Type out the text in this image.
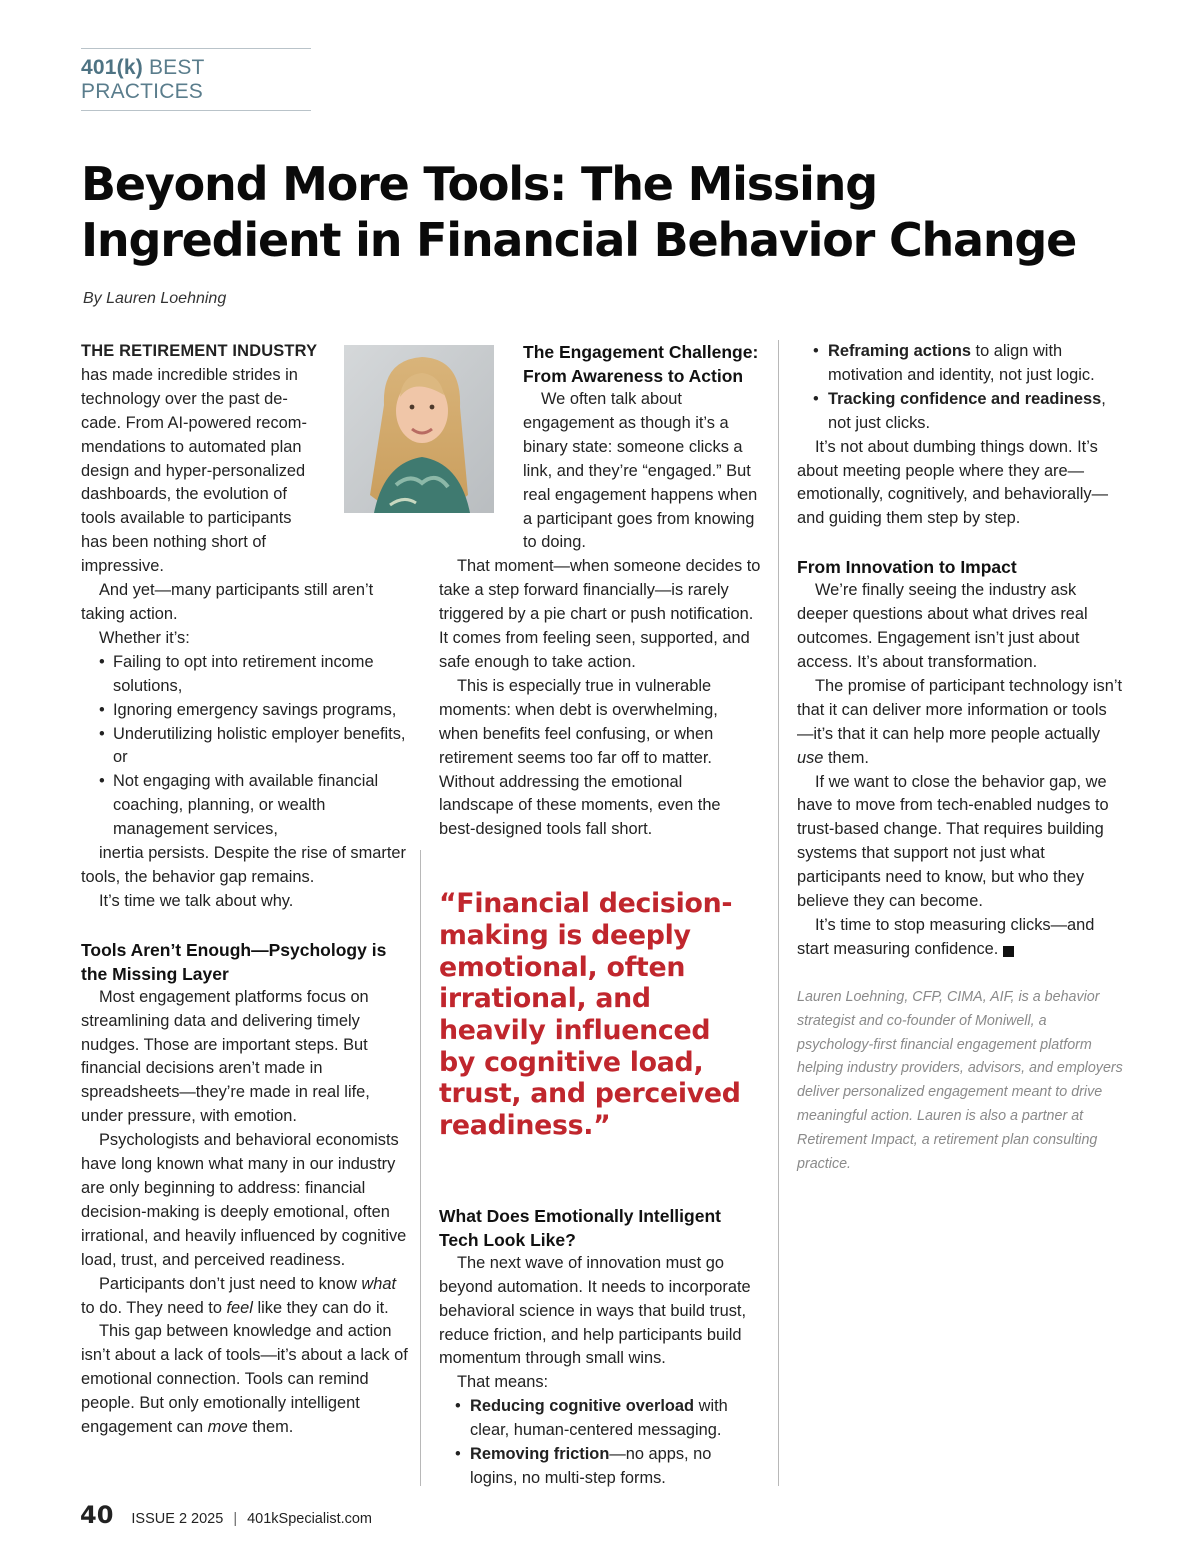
401(k) BEST PRACTICES
Beyond More Tools: The Missing Ingredient in Financial Behavior Change
By Lauren Loehning
THE RETIREMENT INDUSTRY
has made incredible strides in
technology over the past de-
cade. From AI-powered recom-
mendations to automated plan
design and hyper-personalized
dashboards, the evolution of
tools available to participants
has been nothing short of
impressive.

And yet—many participants still aren’t taking action.

Whether it’s:

• Failing to opt into retirement income solutions,
• Ignoring emergency savings programs,
• Underutilizing holistic employer benefits, or
• Not engaging with available financial coaching, planning, or wealth management services,

inertia persists. Despite the rise of smarter tools, the behavior gap remains.

It’s time we talk about why.

Tools Aren’t Enough—Psychology is the Missing Layer

Most engagement platforms focus on streamlining data and delivering timely nudges. Those are important steps. But financial decisions aren’t made in spreadsheets—they’re made in real life, under pressure, with emotion.

Psychologists and behavioral economists have long known what many in our industry are only beginning to address: financial decision-making is deeply emotional, often irrational, and heavily influenced by cognitive load, trust, and perceived readiness.

Participants don’t just need to know what to do. They need to feel like they can do it.

This gap between knowledge and action isn’t about a lack of tools—it’s about a lack of emotional connection. Tools can remind people. But only emotionally intelligent engagement can move them.

The Engagement Challenge: From Awareness to Action

We often talk about engagement as though it’s a binary state: someone clicks a link, and they’re “engaged.” But real engagement happens when a participant goes from knowing to doing.

That moment—when someone decides to take a step forward financially—is rarely triggered by a pie chart or push notification. It comes from feeling seen, supported, and safe enough to take action.

This is especially true in vulnerable moments: when debt is overwhelming, when benefits feel confusing, or when retirement seems too far off to matter. Without addressing the emotional landscape of these moments, even the best-designed tools fall short.

“Financial decision-making is deeply emotional, often irrational, and heavily influenced by cognitive load, trust, and perceived readiness.”
What Does Emotionally Intelligent Tech Look Like?

The next wave of innovation must go beyond automation. It needs to incorporate behavioral science in ways that build trust, reduce friction, and help participants build momentum through small wins.

That means:

• Reducing cognitive overload with clear, human-centered messaging.
• Removing friction—no apps, no logins, no multi-step forms.
• Reframing actions to align with motivation and identity, not just logic.
• Tracking confidence and readiness, not just clicks.

It’s not about dumbing things down. It’s about meeting people where they are—emotionally, cognitively, and behaviorally—and guiding them step by step.

From Innovation to Impact

We’re finally seeing the industry ask deeper questions about what drives real outcomes. Engagement isn’t just about access. It’s about transformation.

The promise of participant technology isn’t that it can deliver more information or tools—it’s that it can help more people actually use them.

If we want to close the behavior gap, we have to move from tech-enabled nudges to trust-based change. That requires building systems that support not just what participants need to know, but who they believe they can become.

It’s time to stop measuring clicks—and start measuring confidence.	K

Lauren Loehning, CFP, CIMA, AIF, is a behavior strategist and co-founder of Moniwell, a psychology-first financial engagement platform helping industry providers, advisors, and employers deliver personalized engagement meant to drive meaningful action. Lauren is also a partner at Retirement Impact, a retirement plan consulting practice.

40 ISSUE 2 2025 | 401kSpecialist.com
